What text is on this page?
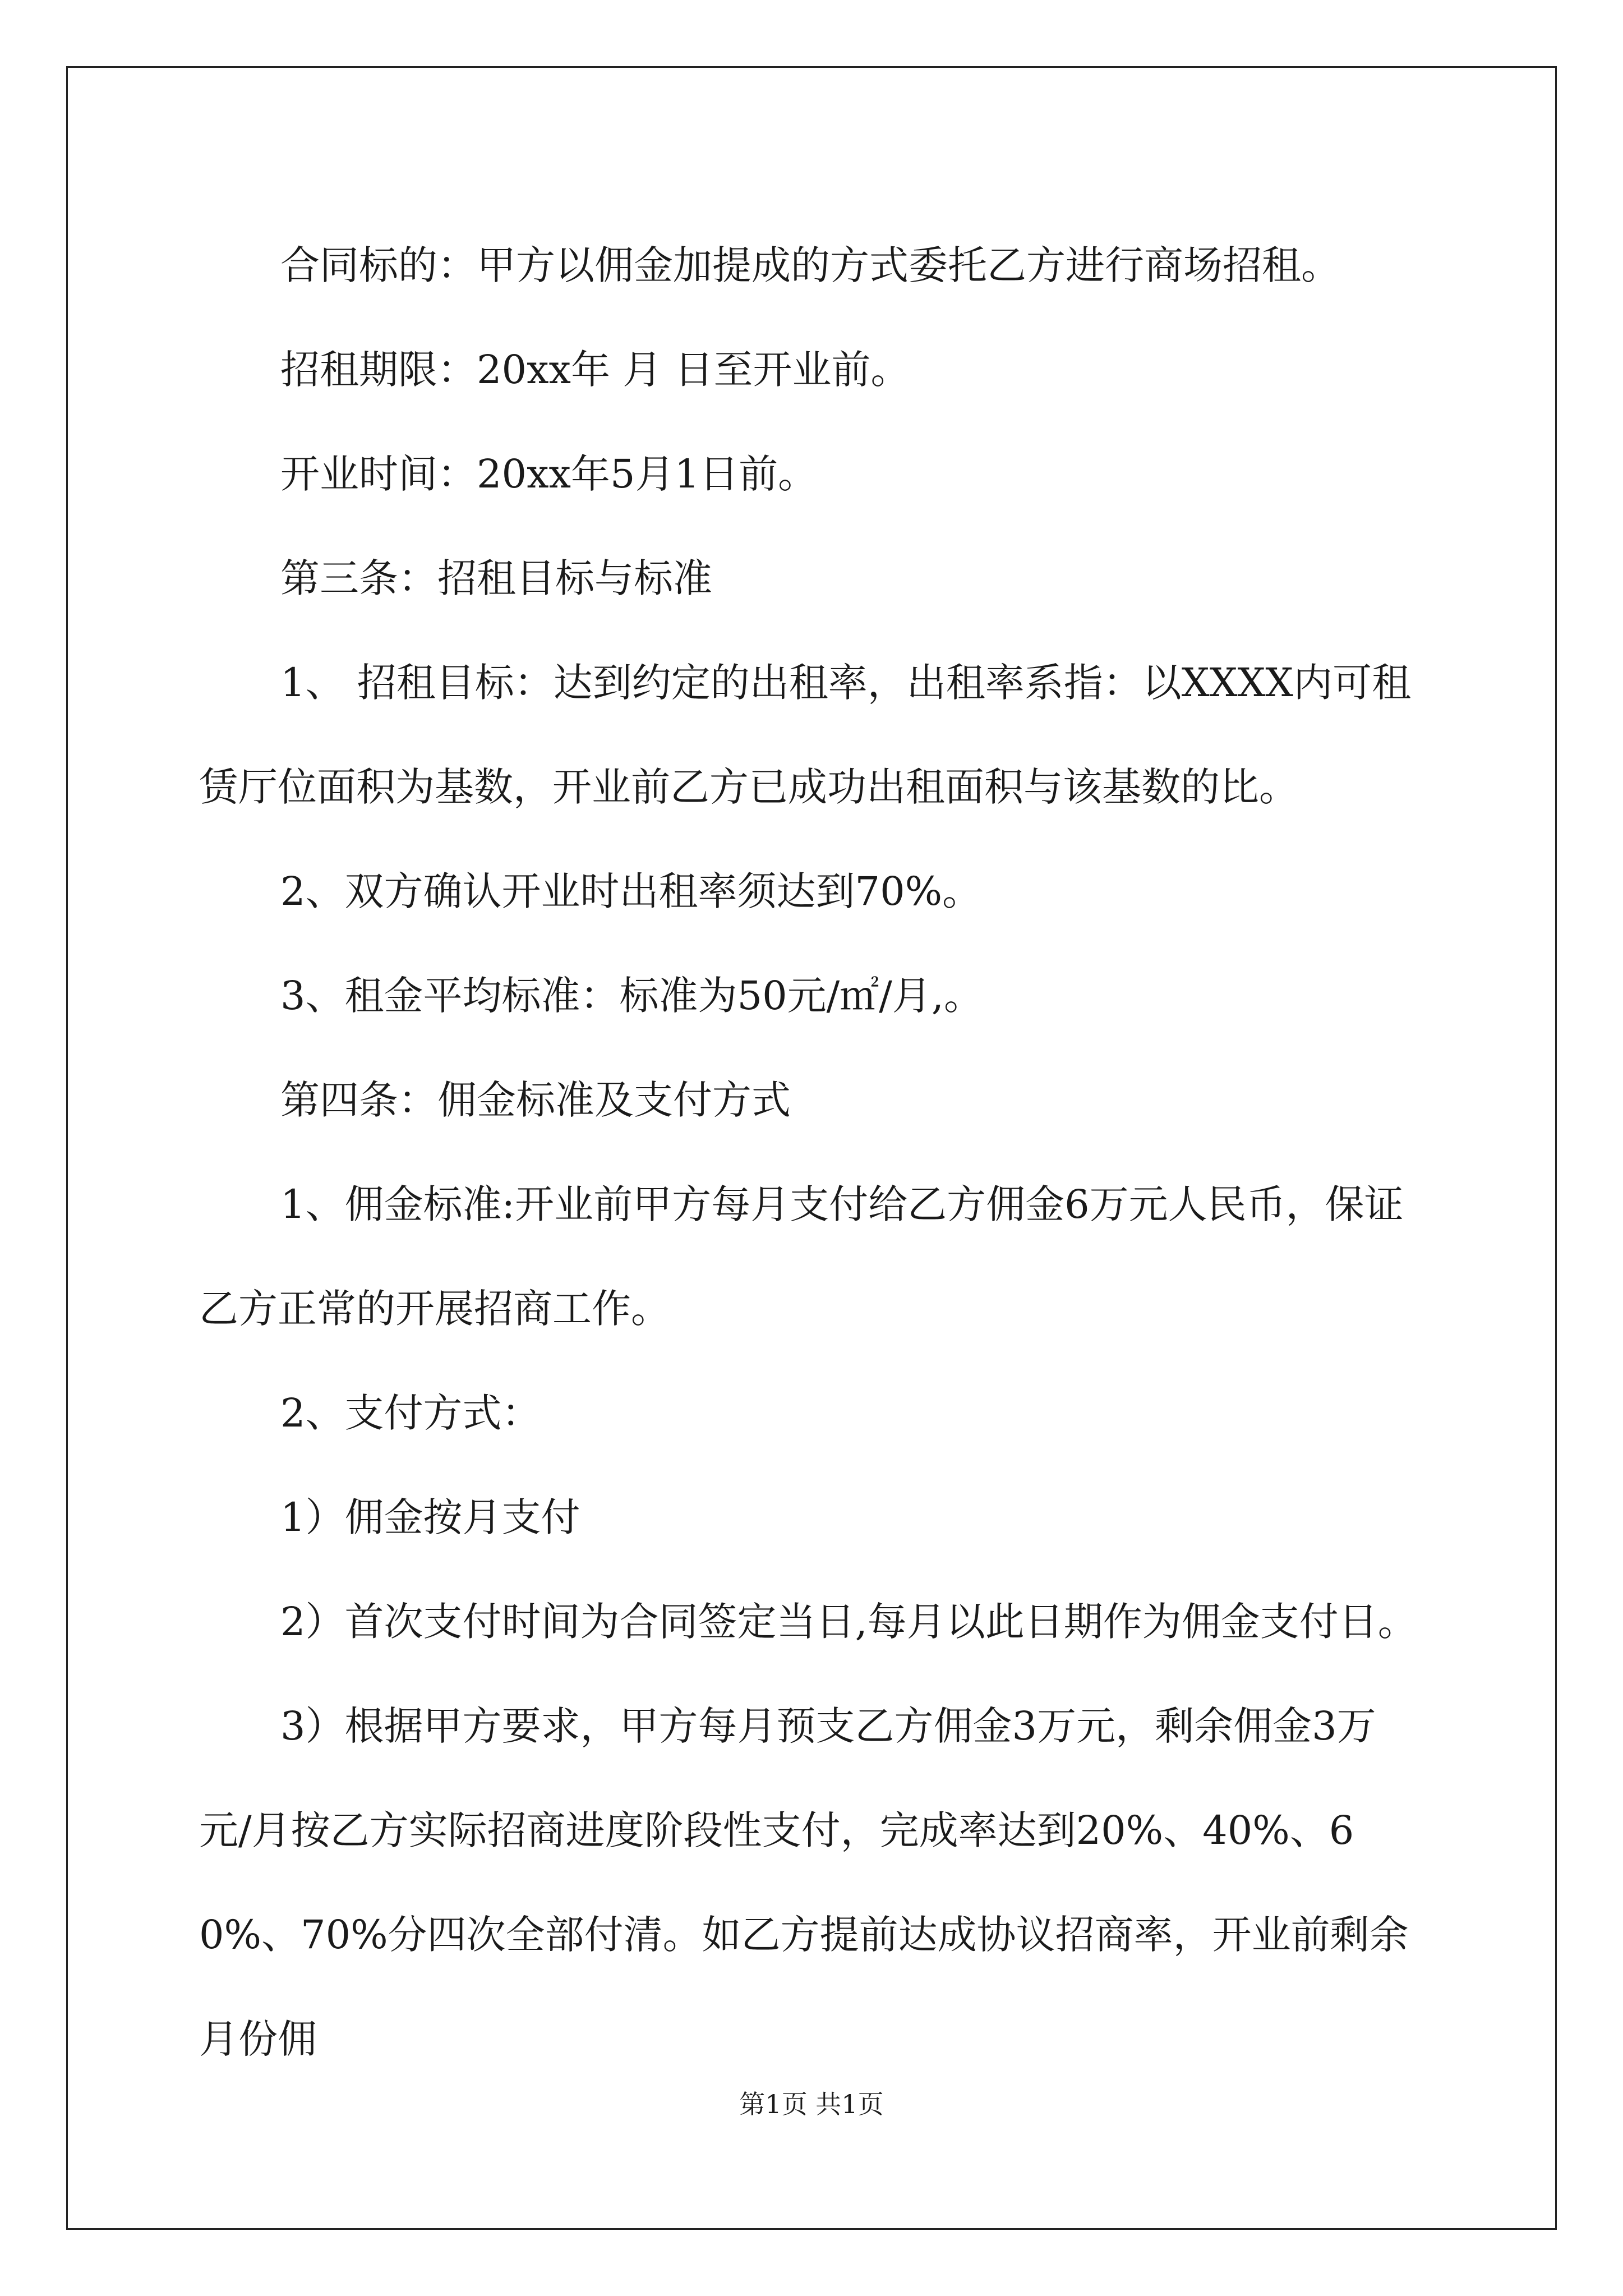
合同标的：甲方以佣金加提成的方式委托乙方进行商场招租。

招租期限：20xx年 月 日至开业前。

开业时间：20xx年5月1日前。

第三条：招租目标与标准

1、 招租目标：达到约定的出租率，出租率系指：以XXXX内可租赁厅位面积为基数，开业前乙方已成功出租面积与该基数的比。

2、双方确认开业时出租率须达到70%。

3、租金平均标准：标准为50元/㎡/月,。

第四条：佣金标准及支付方式

1、佣金标准:开业前甲方每月支付给乙方佣金6万元人民币，保证乙方正常的开展招商工作。

2、支付方式：

1）佣金按月支付

2）首次支付时间为合同签定当日,每月以此日期作为佣金支付日。

3）根据甲方要求，甲方每月预支乙方佣金3万元，剩余佣金3万元/月按乙方实际招商进度阶段性支付，完成率达到20%、40%、60%、70%分四次全部付清。如乙方提前达成协议招商率，开业前剩余月份佣

第1页 共1页
